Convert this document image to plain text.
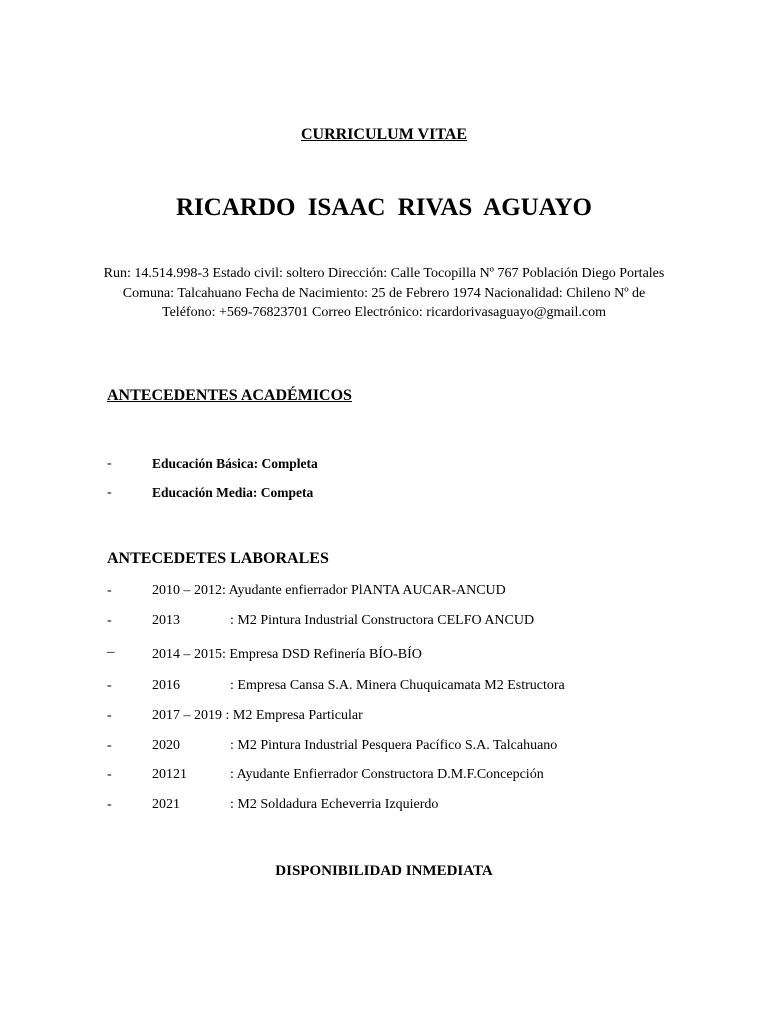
CURRICULUM VITAE
RICARDO ISAAC RIVAS AGUAYO

Run: 14.514.998-3 Estado civil: soltero Dirección: Calle Tocopilla Nº 767 Población Diego Portales Comuna: Talcahuano Fecha de Nacimiento: 25 de Febrero 1974 Nacionalidad: Chileno Nº de Teléfono: +569-76823701 Correo Electrónico: ricardorivasaguayo@gmail.com

ANTECEDENTES ACADÉMICOS
-	Educación Básica: Completa
-	Educación Media: Competa
ANTECEDETES LABORALES
-	2010 – 2012: Ayudante enfierrador PlANTA AUCAR-ANCUD
-	2013	: M2 Pintura Industrial Constructora CELFO ANCUD
–	2014 – 2015: Empresa DSD Refinería BÍO-BÍO
-	2016	: Empresa Cansa S.A. Minera Chuquicamata M2 Estructora
-	2017 – 2019 : M2 Empresa Particular
-	2020	: M2 Pintura Industrial Pesquera Pacífico S.A. Talcahuano
-	20121	: Ayudante Enfierrador Constructora D.M.F.Concepción
-	2021	: M2 Soldadura Echeverria Izquierdo

DISPONIBILIDAD INMEDIATA
